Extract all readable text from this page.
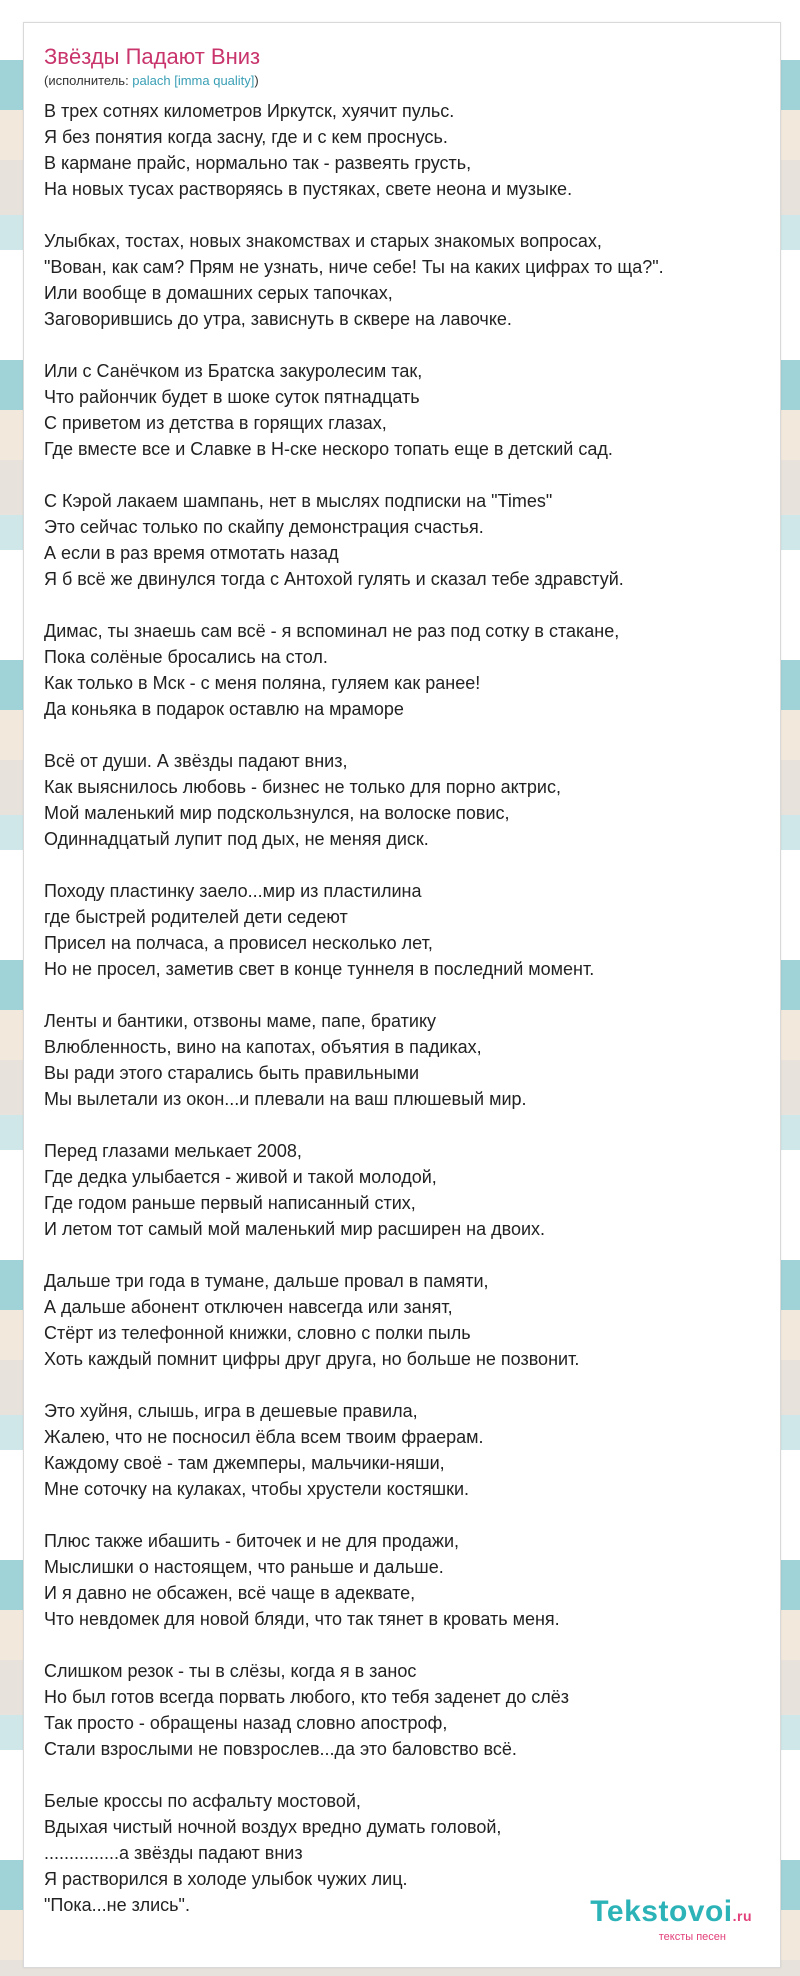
Звёзды Падают Вниз
(исполнитель: palach [imma quality])
В трех сотнях километров Иркутск, хуячит пульс.
Я без понятия когда засну, где и с кем проснусь.
В кармане прайс, нормально так - развеять грусть,
На новых тусах растворяясь в пустяках, свете неона и музыке.
Улыбках, тостах, новых знакомствах и старых знакомых вопросах,
"Вован, как сам? Прям не узнать, ниче себе! Ты на каких цифрах то ща?".
Или вообще в домашних серых тапочках,
Заговорившись до утра, зависнуть в сквере на лавочке.
Или с Санёчком из Братска закуролесим так,
Что райончик будет в шоке суток пятнадцать
С приветом из детства в горящих глазах,
Где вместе все и Славке в Н-ске нескоро топать еще в детский сад.
С Кэрой лакаем шампань, нет в мыслях подписки на "Times"
Это сейчас только по скайпу демонстрация счастья.
А если в раз время отмотать назад
Я б всё же двинулся тогда с Антохой гулять и сказал тебе здравстуй.
Димас, ты знаешь сам всё - я вспоминал не раз под сотку в стакане,
Пока солёные бросались на стол.
Как только в Мск - с меня поляна, гуляем как ранее!
Да коньяка в подарок оставлю на мраморе
Всё от души. А звёзды падают вниз,
Как выяснилось любовь - бизнес не только для порно актрис,
Мой маленький мир подскользнулся, на волоске повис,
Одиннадцатый лупит под дых, не меняя диск.
Походу пластинку заело...мир из пластилина
где быстрей родителей дети седеют
Присел на полчаса, а провисел несколько лет,
Но не просел, заметив свет в конце туннеля в последний момент.
Ленты и бантики, отзвоны маме, папе, братику
Влюбленность, вино на капотах, объятия в падиках,
Вы ради этого старались быть правильными
Мы вылетали из окон...и плевали на ваш плюшевый мир.
Перед глазами мелькает 2008,
Где дедка улыбается - живой и такой молодой,
Где годом раньше первый написанный стих,
И летом тот самый мой маленький мир расширен на двоих.
Дальше три года в тумане, дальше провал в памяти,
А дальше абонент отключен навсегда или занят,
Стёрт из телефонной книжки, словно с полки пыль
Хоть каждый помнит цифры друг друга, но больше не позвонит.
Это хуйня, слышь, игра в дешевые правила,
Жалею, что не посносил ёбла всем твоим фраерам.
Каждому своё - там джемперы, мальчики-няши,
Мне соточку на кулаках, чтобы хрустели костяшки.
Плюс также ибашить - биточек и не для продажи,
Мыслишки о настоящем, что раньше и дальше.
И я давно не обсажен, всё чаще в адеквате,
Что невдомек для новой бляди, что так тянет в кровать меня.
Слишком резок - ты в слёзы, когда я в занос
Но был готов всегда порвать любого, кто тебя заденет до слёз
Так просто - обращены назад словно апостроф,
Стали взрослыми не повзрослев...да это баловство всё.
Белые кроссы по асфальту мостовой,
Вдыхая чистый ночной воздух вредно думать головой,
...............а звёзды падают вниз
Я растворился в холоде улыбок чужих лиц.
"Пока...не злись".	Tekstovoi.ru
тексты песен
